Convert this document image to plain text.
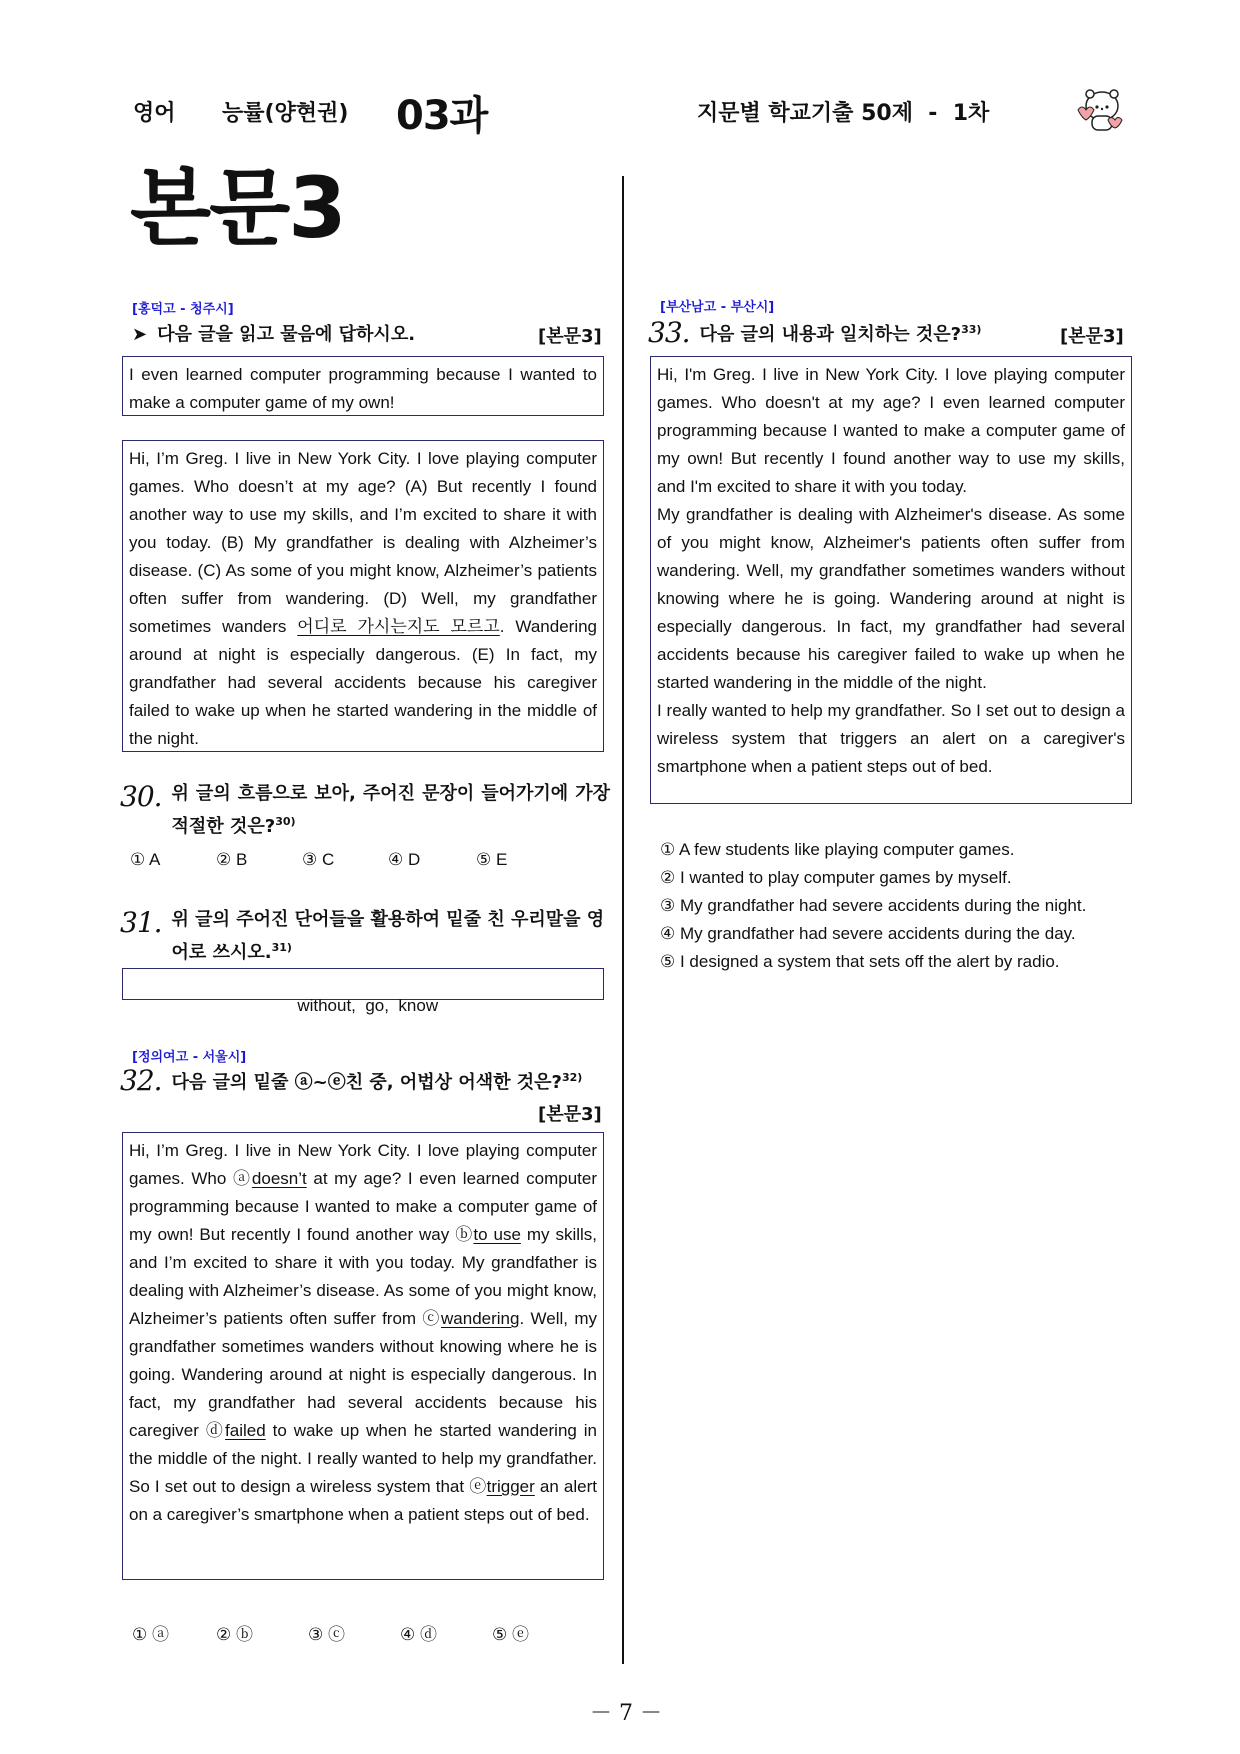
영어 능률(양현권) 03과	지문별 학교기출 50제  -  1차
본문3
[홍덕고 - 청주시]
➤ 다음 글을 읽고 물음에 답하시오.	[본문3]

I even learned computer programming because I wanted to make a computer game of my own!

Hi, I’m Greg. I live in New York City. I love playing computer games. Who doesn’t at my age? (A) But recently I found another way to use my skills, and I’m excited to share it with you today. (B) My grandfather is dealing with Alzheimer’s disease. (C) As some of you might know, Alzheimer’s patients often suffer from wandering. (D) Well, my grandfather sometimes wanders 어디로 가시는지도 모르고. Wandering around at night is especially dangerous. (E) In fact, my grandfather had several accidents because his caregiver failed to wake up when he started wandering in the middle of the night.

30. 위 글의 흐름으로 보아, 주어진 문장이 들어가기에 가장 적절한 것은?$^{30)}$
① A	② B	③ C	④ D	⑤ E
31. 위 글의 주어진 단어들을 활용하여 밑줄 친 우리말을 영어로 쓰시오.$^{31)}$

without,  go,  know

[정의여고 - 서울시]
32. 다음 글의 밑줄 ⓐ~ⓔ친 중, 어법상 어색한 것은?$^{32)}$
[본문3]

Hi, I’m Greg. I live in New York City. I love playing computer games. Who ⓐdoesn’t at my age? I even learned computer programming because I wanted to make a computer game of my own! But recently I found another way ⓑto use my skills, and I’m excited to share it with you today. My grandfather is dealing with Alzheimer’s disease. As some of you might know, Alzheimer’s patients often suffer from ⓒwandering. Well, my grandfather sometimes wanders without knowing where he is going. Wandering around at night is especially dangerous. In fact, my grandfather had several accidents because his caregiver ⓓfailed to wake up when he started wandering in the middle of the night. I really wanted to help my grandfather. So I set out to design a wireless system that ⓔtrigger an alert on a caregiver’s smartphone when a patient steps out of bed.

① ⓐ	② ⓑ	③ ⓒ	④ ⓓ	⑤ ⓔ
[부산남고 - 부산시]
33. 다음 글의 내용과 일치하는 것은?$^{33)}$	[본문3]

Hi, I'm Greg. I live in New York City. I love playing computer games. Who doesn't at my age? I even learned computer programming because I wanted to make a computer game of my own! But recently I found another way to use my skills, and I'm excited to share it with you today.

My grandfather is dealing with Alzheimer's disease. As some of you might know, Alzheimer's patients often suffer from wandering. Well, my grandfather sometimes wanders without knowing where he is going. Wandering around at night is especially dangerous. In fact, my grandfather had several accidents because his caregiver failed to wake up when he started wandering in the middle of the night.

I really wanted to help my grandfather. So I set out to design a wireless system that triggers an alert on a caregiver's smartphone when a patient steps out of bed.

① A few students like playing computer games.
② I wanted to play computer games by myself.
③ My grandfather had severe accidents during the night.
④ My grandfather had severe accidents during the day.
⑤ I designed a system that sets off the alert by radio.
－ 7 －
